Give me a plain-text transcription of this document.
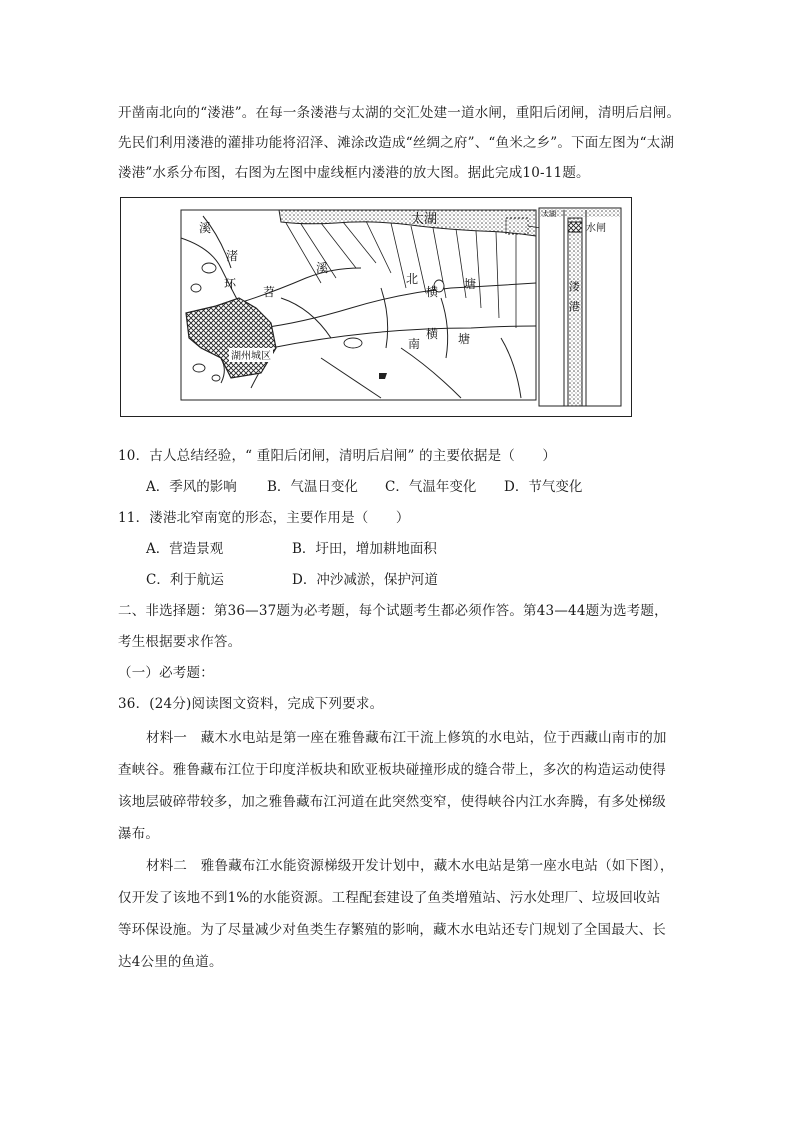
开凿南北向的“溇港”。在每一条溇港与太湖的交汇处建一道水闸，重阳后闭闸，清明后启闸。
先民们利用溇港的灌排功能将沼泽、滩涂改造成“丝绸之府”、“鱼米之乡”。下面左图为“太湖
溇港”水系分布图，右图为左图中虚线框内溇港的放大图。据此完成10-11题。
太湖
溪
渚
环
苕
溪
北
横
塘
南
横 塘
湖州城区
太湖
水闸
溇
港
10．古人总结经验，“ 重阳后闭闸，清明后启闸” 的主要依据是（　　）
A．季风的影响 B．气温日变化 C．气温年变化 D．节气变化
11．溇港北窄南宽的形态，主要作用是（　　）
A．营造景观	B．圩田，增加耕地面积
C．利于航运	D．冲沙减淤，保护河道
二、非选择题：第36—37题为必考题，每个试题考生都必须作答。第43—44题为选考题，
考生根据要求作答。
（一）必考题：
36．(24分)阅读图文资料，完成下列要求。
材料一　藏木水电站是第一座在雅鲁藏布江干流上修筑的水电站，位于西藏山南市的加
查峡谷。雅鲁藏布江位于印度洋板块和欧亚板块碰撞形成的缝合带上，多次的构造运动使得
该地层破碎带较多，加之雅鲁藏布江河道在此突然变窄，使得峡谷内江水奔腾，有多处梯级
瀑布。
材料二　雅鲁藏布江水能资源梯级开发计划中，藏木水电站是第一座水电站（如下图），
仅开发了该地不到1%的水能资源。工程配套建设了鱼类增殖站、污水处理厂、垃圾回收站
等环保设施。为了尽量减少对鱼类生存繁殖的影响，藏木水电站还专门规划了全国最大、长
达4公里的鱼道。
